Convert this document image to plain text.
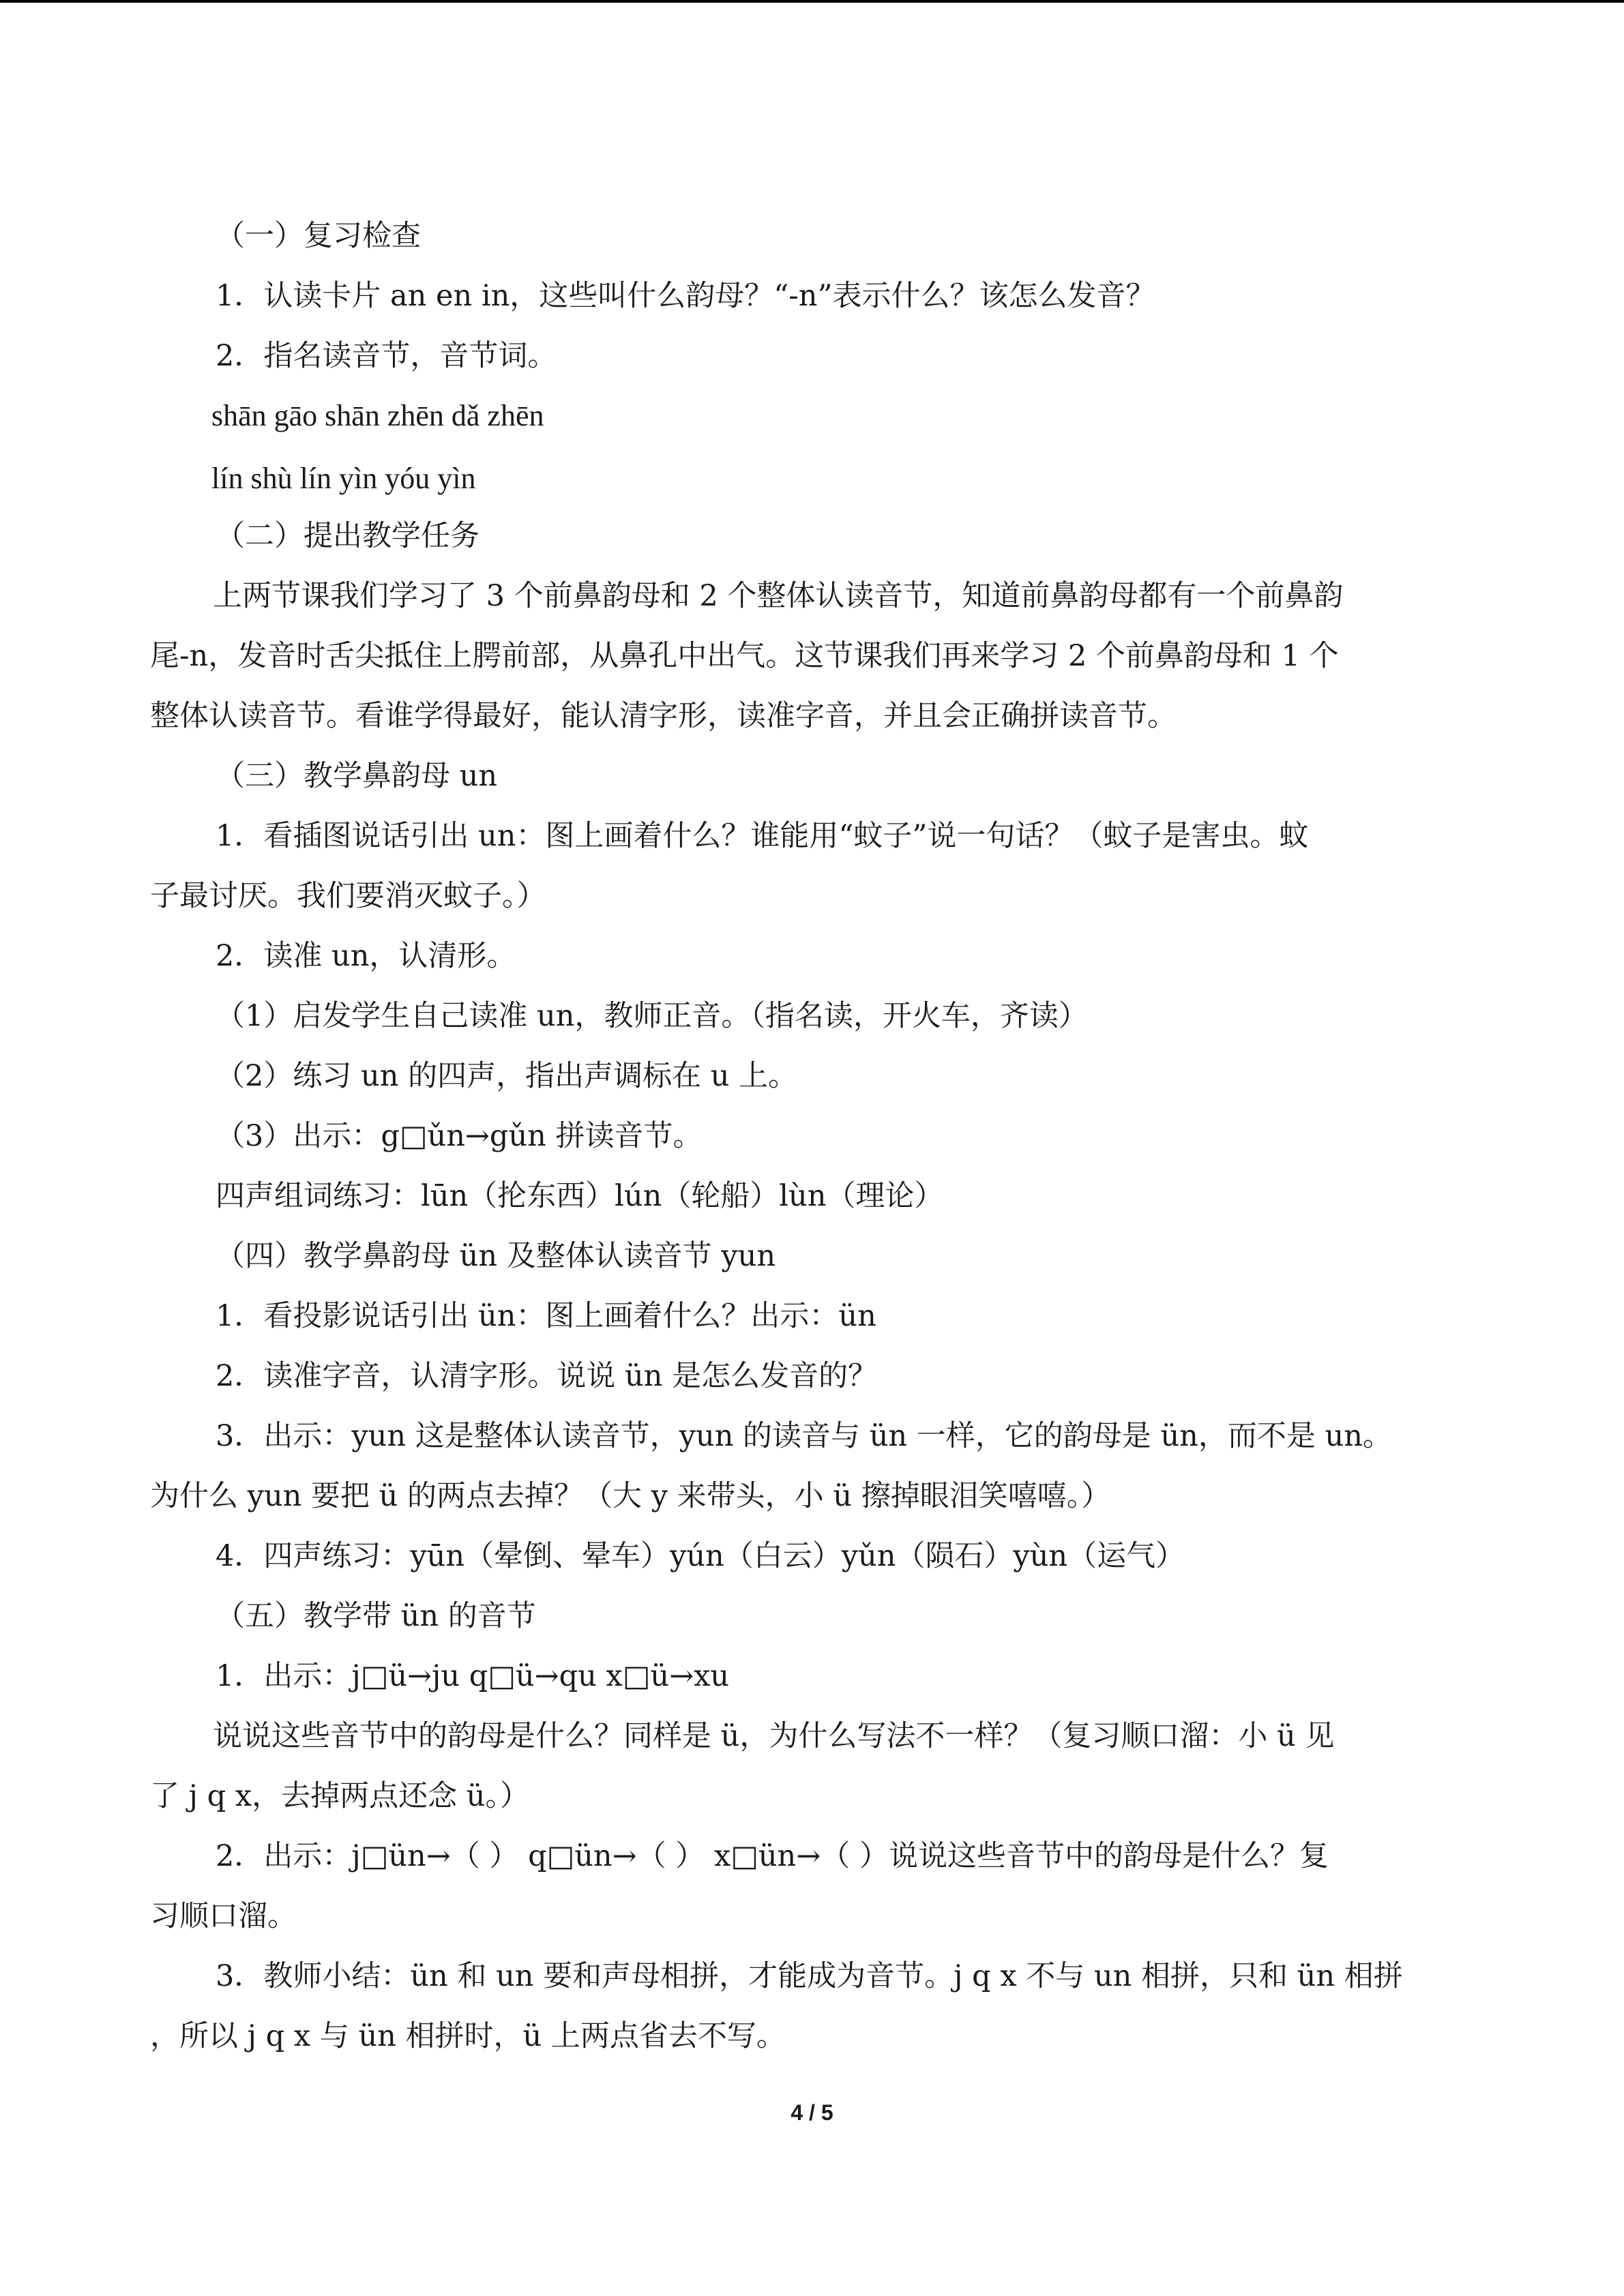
（一）复习检查
1．认读卡片 an en in，这些叫什么韵母？“-n”表示什么？该怎么发音？
2．指名读音节，音节词。
shān gāo shān zhēn dǎ zhēn
lín shù lín yìn yóu yìn
（二）提出教学任务
上两节课我们学习了 3 个前鼻韵母和 2 个整体认读音节，知道前鼻韵母都有一个前鼻韵
尾-n，发音时舌尖抵住上腭前部，从鼻孔中出气。这节课我们再来学习 2 个前鼻韵母和 1 个
整体认读音节。看谁学得最好，能认清字形，读准字音，并且会正确拼读音节。
（三）教学鼻韵母 un
1．看插图说话引出 un：图上画着什么？谁能用“蚊子”说一句话？（蚊子是害虫。蚊
子最讨厌。我们要消灭蚊子。）
2．读准 un，认清形。
（1）启发学生自己读准 un，教师正音。（指名读，开火车，齐读）
（2）练习 un 的四声，指出声调标在 u 上。
（3）出示：g□ǔn→gǔn 拼读音节。
四声组词练习：lūn（抡东西）lún（轮船）lùn（理论）
（四）教学鼻韵母 ün 及整体认读音节 yun
1．看投影说话引出 ün：图上画着什么？出示：ün
2．读准字音，认清字形。说说 ün 是怎么发音的？
3．出示：yun 这是整体认读音节，yun 的读音与 ün 一样，它的韵母是 ün，而不是 un。
为什么 yun 要把 ü 的两点去掉？（大 y 来带头，小 ü 擦掉眼泪笑嘻嘻。）
4．四声练习：yūn（晕倒、晕车）yún（白云）yǔn（陨石）yùn（运气）
（五）教学带 ün 的音节
1．出示：j□ü→ju q□ü→qu x□ü→xu
说说这些音节中的韵母是什么？同样是 ü，为什么写法不一样？（复习顺口溜：小 ü 见
了 j q x，去掉两点还念 ü。）
2．出示：j□ün→（ ） q□ün→（ ） x□ün→（ ）说说这些音节中的韵母是什么？复
习顺口溜。
3．教师小结：ün 和 un 要和声母相拼，才能成为音节。j q x 不与 un 相拼，只和 ün 相拼
，所以 j q x 与 ün 相拼时，ü 上两点省去不写。
4 / 5
